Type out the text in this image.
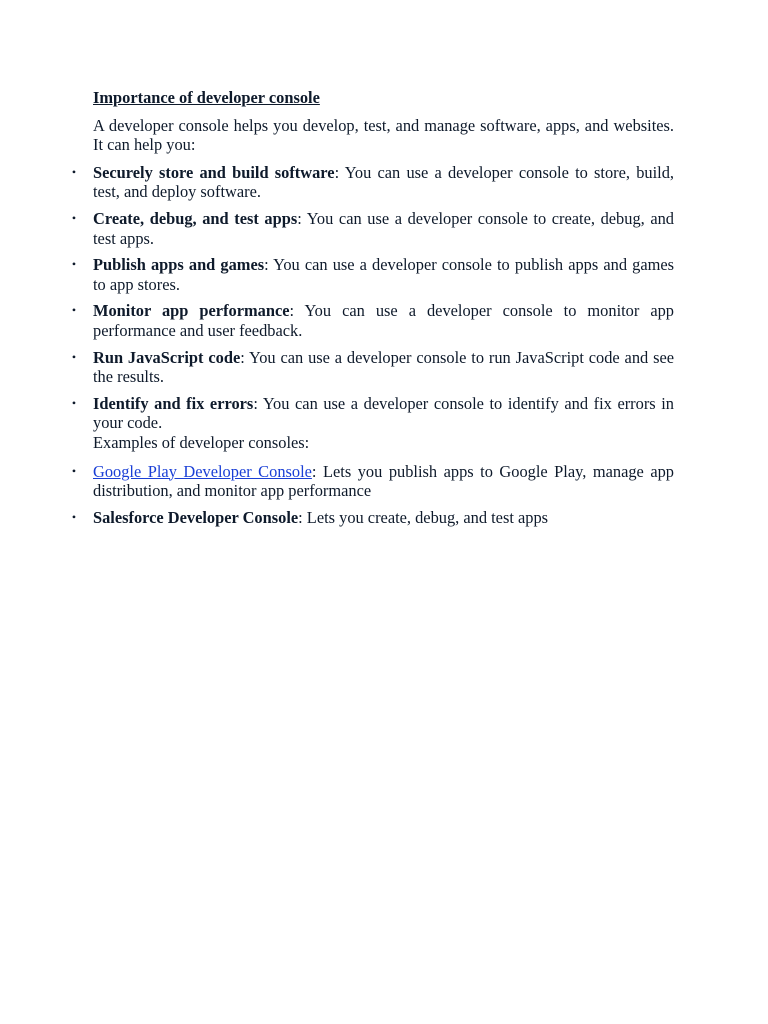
Importance of developer console

A developer console helps you develop, test, and manage software, apps, and websites. It can help you:

• Securely store and build software: You can use a developer console to store, build, test, and deploy software.
• Create, debug, and test apps: You can use a developer console to create, debug, and test apps.
• Publish apps and games: You can use a developer console to publish apps and games to app stores.
• Monitor app performance: You can use a developer console to monitor app performance and user feedback.
• Run JavaScript code: You can use a developer console to run JavaScript code and see the results.
• Identify and fix errors: You can use a developer console to identify and fix errors in your code.
Examples of developer consoles:
• Google Play Developer Console: Lets you publish apps to Google Play, manage app distribution, and monitor app performance
• Salesforce Developer Console: Lets you create, debug, and test apps
